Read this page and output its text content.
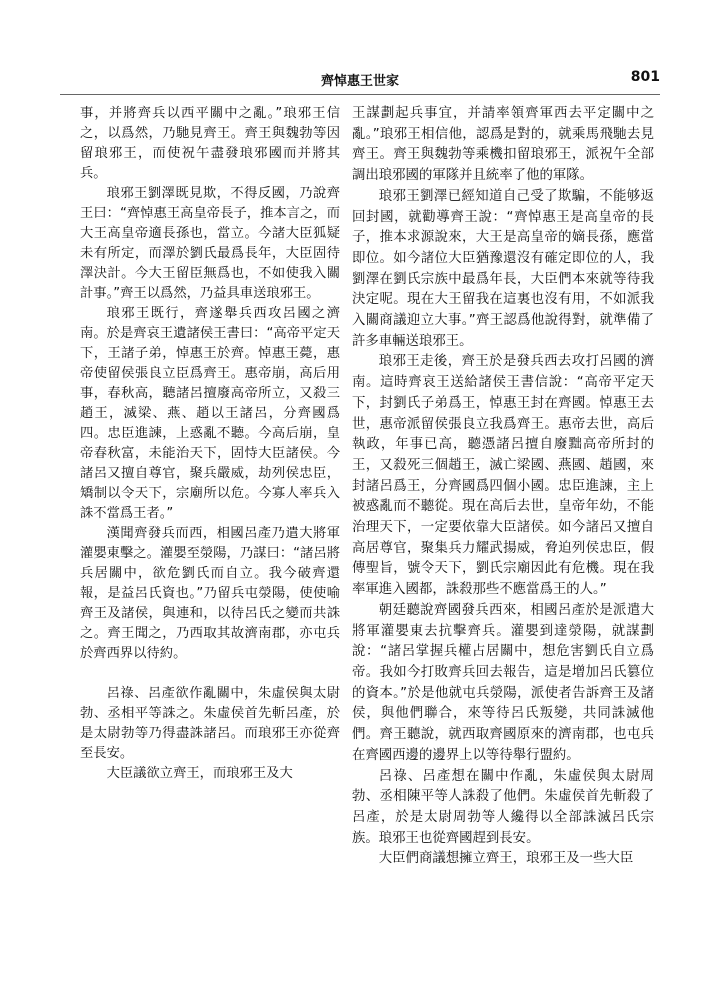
齊悼惠王世家	801

事，并將齊兵以西平關中之亂。”琅邪王信之，以爲然，乃馳見齊王。齊王與魏勃等因留琅邪王，而使祝午盡發琅邪國而并將其兵。

琅邪王劉澤既見欺，不得反國，乃說齊王曰：“齊悼惠王高皇帝長子，推本言之，而大王高皇帝適長孫也，當立。今諸大臣狐疑未有所定，而澤於劉氏最爲長年，大臣固待澤決計。今大王留臣無爲也，不如使我入關計事。”齊王以爲然，乃益具車送琅邪王。

琅邪王既行，齊遂舉兵西攻呂國之濟南。於是齊哀王遺諸侯王書曰：“高帝平定天下，王諸子弟，悼惠王於齊。悼惠王薨，惠帝使留侯張良立臣爲齊王。惠帝崩，高后用事，春秋高，聽諸呂擅廢高帝所立，又殺三趙王，滅梁、燕、趙以王諸呂，分齊國爲四。忠臣進諫，上惑亂不聽。今高后崩，皇帝春秋富，未能治天下，固恃大臣諸侯。今諸呂又擅自尊官，聚兵嚴威，劫列侯忠臣，矯制以令天下，宗廟所以危。今寡人率兵入誅不當爲王者。”

漢聞齊發兵而西，相國呂產乃遣大將軍灌嬰東擊之。灌嬰至滎陽，乃謀曰：“諸呂將兵居關中，欲危劉氏而自立。我今破齊還報，是益呂氏資也。”乃留兵屯滎陽，使使喻齊王及諸侯，與連和，以待呂氏之變而共誅之。齊王聞之，乃西取其故濟南郡，亦屯兵於齊西界以待約。

呂祿、呂產欲作亂關中，朱虛侯與太尉勃、丞相平等誅之。朱虛侯首先斬呂產，於是太尉勃等乃得盡誅諸呂。而琅邪王亦從齊至長安。

大臣議欲立齊王，而琅邪王及大

王謀劃起兵事宜，并請率領齊軍西去平定關中之亂。”琅邪王相信他，認爲是對的，就乘馬飛馳去見齊王。齊王與魏勃等乘機扣留琅邪王，派祝午全部調出琅邪國的軍隊并且統率了他的軍隊。

琅邪王劉澤已經知道自己受了欺騙，不能够返回封國，就勸導齊王說：“齊悼惠王是高皇帝的長子，推本求源說來，大王是高皇帝的嫡長孫，應當即位。如今諸位大臣猶豫還沒有確定即位的人，我劉澤在劉氏宗族中最爲年長，大臣們本來就等待我決定呢。現在大王留我在這裏也沒有用，不如派我入關商議迎立大事。”齊王認爲他說得對，就準備了許多車輛送琅邪王。

琅邪王走後，齊王於是發兵西去攻打呂國的濟南。這時齊哀王送給諸侯王書信說：“高帝平定天下，封劉氏子弟爲王，悼惠王封在齊國。悼惠王去世，惠帝派留侯張良立我爲齊王。惠帝去世，高后執政，年事已高，聽憑諸呂擅自廢黜高帝所封的王，又殺死三個趙王，滅亡梁國、燕國、趙國，來封諸呂爲王，分齊國爲四個小國。忠臣進諫，主上被惑亂而不聽從。現在高后去世，皇帝年幼，不能治理天下，一定要依靠大臣諸侯。如今諸呂又擅自高居尊官，聚集兵力耀武揚威，脅迫列侯忠臣，假傳聖旨，號令天下，劉氏宗廟因此有危機。現在我率軍進入國都，誅殺那些不應當爲王的人。”

朝廷聽說齊國發兵西來，相國呂產於是派遣大將軍灌嬰東去抗擊齊兵。灌嬰到達滎陽，就謀劃說：“諸呂掌握兵權占居關中，想危害劉氏自立爲帝。我如今打敗齊兵回去報告，這是增加呂氏篡位的資本。”於是他就屯兵滎陽，派使者告訴齊王及諸侯，與他們聯合，來等待呂氏叛變，共同誅滅他們。齊王聽說，就西取齊國原來的濟南郡，也屯兵在齊國西邊的邊界上以等待舉行盟約。

呂祿、呂產想在關中作亂，朱虛侯與太尉周勃、丞相陳平等人誅殺了他們。朱虛侯首先斬殺了呂產，於是太尉周勃等人纔得以全部誅滅呂氏宗族。琅邪王也從齊國趕到長安。

大臣們商議想擁立齊王，琅邪王及一些大臣
